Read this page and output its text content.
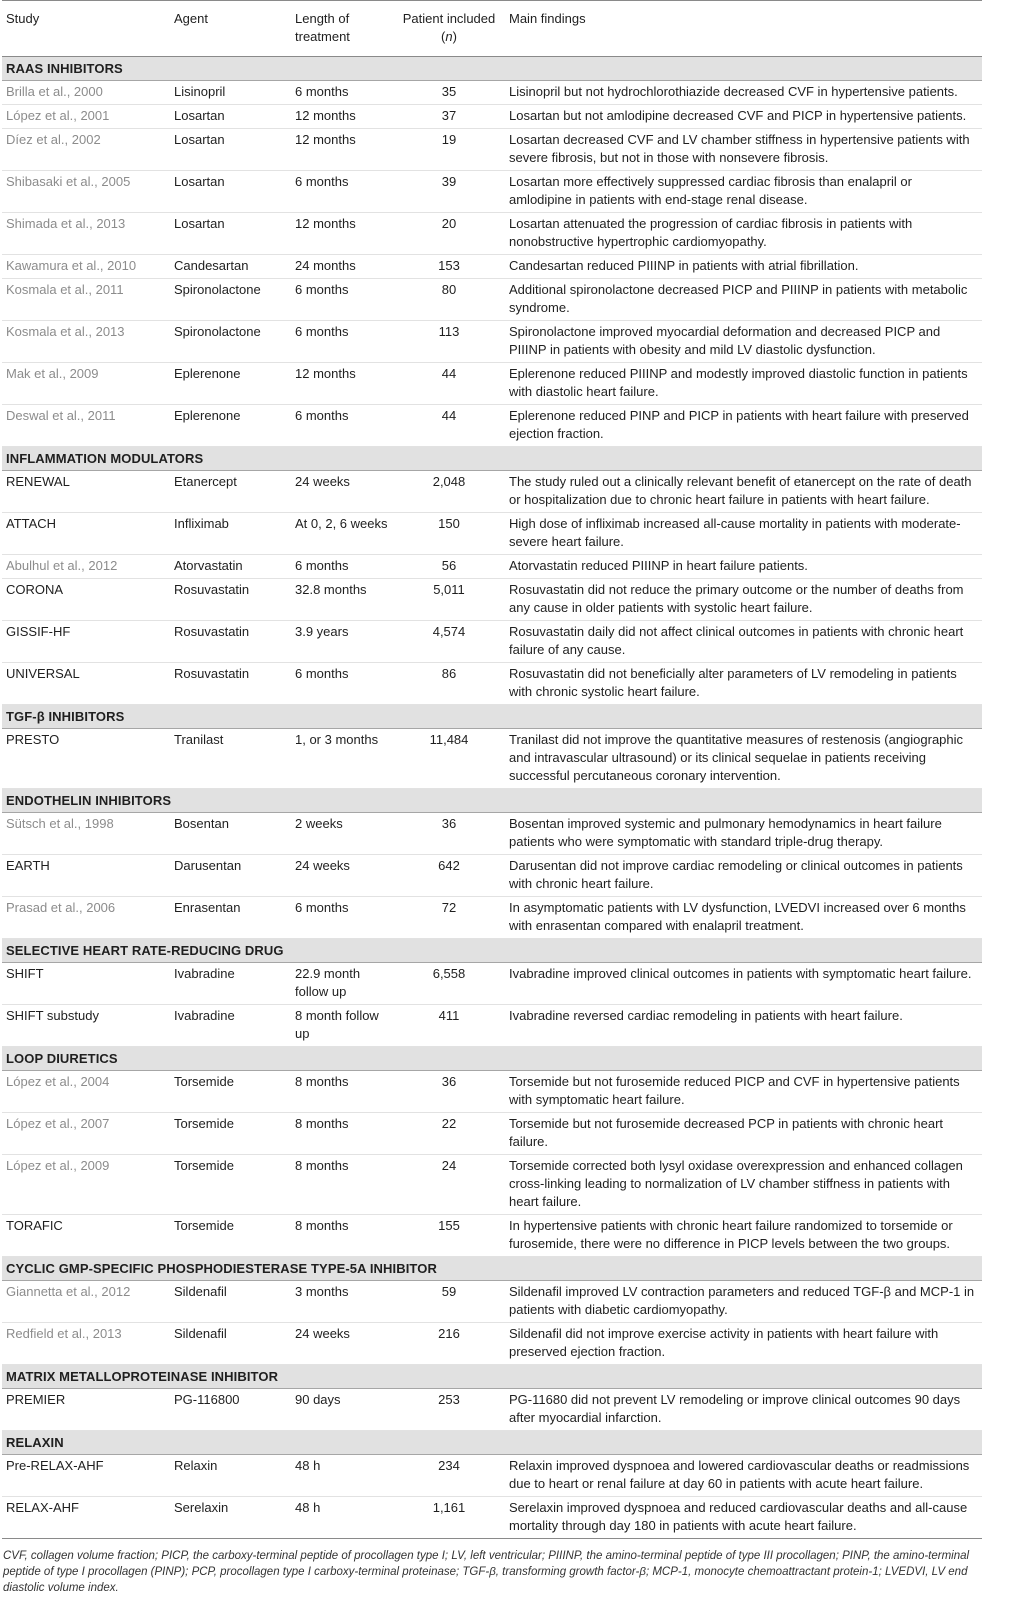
Study	Agent	Length of treatment	Patient included (n)	Main findings
RAAS INHIBITORS				
Brilla et al., 2000	Lisinopril	6 months	35	Lisinopril but not hydrochlorothiazide decreased CVF in hypertensive patients.
López et al., 2001	Losartan	12 months	37	Losartan but not amlodipine decreased CVF and PICP in hypertensive patients.
Díez et al., 2002	Losartan	12 months	19	Losartan decreased CVF and LV chamber stiffness in hypertensive patients with severe fibrosis, but not in those with nonsevere fibrosis.
Shibasaki et al., 2005	Losartan	6 months	39	Losartan more effectively suppressed cardiac fibrosis than enalapril or amlodipine in patients with end-stage renal disease.
Shimada et al., 2013	Losartan	12 months	20	Losartan attenuated the progression of cardiac fibrosis in patients with nonobstructive hypertrophic cardiomyopathy.
Kawamura et al., 2010	Candesartan	24 months	153	Candesartan reduced PIIINP in patients with atrial fibrillation.
Kosmala et al., 2011	Spironolactone	6 months	80	Additional spironolactone decreased PICP and PIIINP in patients with metabolic syndrome.
Kosmala et al., 2013	Spironolactone	6 months	113	Spironolactone improved myocardial deformation and decreased PICP and PIIINP in patients with obesity and mild LV diastolic dysfunction.
Mak et al., 2009	Eplerenone	12 months	44	Eplerenone reduced PIIINP and modestly improved diastolic function in patients with diastolic heart failure.
Deswal et al., 2011	Eplerenone	6 months	44	Eplerenone reduced PINP and PICP in patients with heart failure with preserved ejection fraction.
INFLAMMATION MODULATORS				
RENEWAL	Etanercept	24 weeks	2,048	The study ruled out a clinically relevant benefit of etanercept on the rate of death or hospitalization due to chronic heart failure in patients with heart failure.
ATTACH	Infliximab	At 0, 2, 6 weeks	150	High dose of infliximab increased all-cause mortality in patients with moderate-severe heart failure.
Abulhul et al., 2012	Atorvastatin	6 months	56	Atorvastatin reduced PIIINP in heart failure patients.
CORONA	Rosuvastatin	32.8 months	5,011	Rosuvastatin did not reduce the primary outcome or the number of deaths from any cause in older patients with systolic heart failure.
GISSIF-HF	Rosuvastatin	3.9 years	4,574	Rosuvastatin daily did not affect clinical outcomes in patients with chronic heart failure of any cause.
UNIVERSAL	Rosuvastatin	6 months	86	Rosuvastatin did not beneficially alter parameters of LV remodeling in patients with chronic systolic heart failure.
TGF-β INHIBITORS				
PRESTO	Tranilast	1, or 3 months	11,484	Tranilast did not improve the quantitative measures of restenosis (angiographic and intravascular ultrasound) or its clinical sequelae in patients receiving successful percutaneous coronary intervention.
ENDOTHELIN INHIBITORS				
Sütsch et al., 1998	Bosentan	2 weeks	36	Bosentan improved systemic and pulmonary hemodynamics in heart failure patients who were symptomatic with standard triple-drug therapy.
EARTH	Darusentan	24 weeks	642	Darusentan did not improve cardiac remodeling or clinical outcomes in patients with chronic heart failure.
Prasad et al., 2006	Enrasentan	6 months	72	In asymptomatic patients with LV dysfunction, LVEDVI increased over 6 months with enrasentan compared with enalapril treatment.
SELECTIVE HEART RATE-REDUCING DRUG				
SHIFT	Ivabradine	22.9 month follow up	6,558	Ivabradine improved clinical outcomes in patients with symptomatic heart failure.
SHIFT substudy	Ivabradine	8 month follow up	411	Ivabradine reversed cardiac remodeling in patients with heart failure.
LOOP DIURETICS				
López et al., 2004	Torsemide	8 months	36	Torsemide but not furosemide reduced PICP and CVF in hypertensive patients with symptomatic heart failure.
López et al., 2007	Torsemide	8 months	22	Torsemide but not furosemide decreased PCP in patients with chronic heart failure.
López et al., 2009	Torsemide	8 months	24	Torsemide corrected both lysyl oxidase overexpression and enhanced collagen cross-linking leading to normalization of LV chamber stiffness in patients with heart failure.
TORAFIC	Torsemide	8 months	155	In hypertensive patients with chronic heart failure randomized to torsemide or furosemide, there were no difference in PICP levels between the two groups.
CYCLIC GMP-SPECIFIC PHOSPHODIESTERASE TYPE-5A INHIBITOR				
Giannetta et al., 2012	Sildenafil	3 months	59	Sildenafil improved LV contraction parameters and reduced TGF-β and MCP-1 in patients with diabetic cardiomyopathy.
Redfield et al., 2013	Sildenafil	24 weeks	216	Sildenafil did not improve exercise activity in patients with heart failure with preserved ejection fraction.
MATRIX METALLOPROTEINASE INHIBITOR				
PREMIER	PG-116800	90 days	253	PG-11680 did not prevent LV remodeling or improve clinical outcomes 90 days after myocardial infarction.
RELAXIN				
Pre-RELAX-AHF	Relaxin	48 h	234	Relaxin improved dyspnoea and lowered cardiovascular deaths or readmissions due to heart or renal failure at day 60 in patients with acute heart failure.
RELAX-AHF	Serelaxin	48 h	1,161	Serelaxin improved dyspnoea and reduced cardiovascular deaths and all-cause mortality through day 180 in patients with acute heart failure.
CVF, collagen volume fraction; PICP, the carboxy-terminal peptide of procollagen type I; LV, left ventricular; PIIINP, the amino-terminal peptide of type III procollagen; PINP, the amino-terminal peptide of type I procollagen (PINP); PCP, procollagen type I carboxy-terminal proteinase; TGF-β, transforming growth factor-β; MCP-1, monocyte chemoattractant protein-1; LVEDVI, LV end diastolic volume index.
